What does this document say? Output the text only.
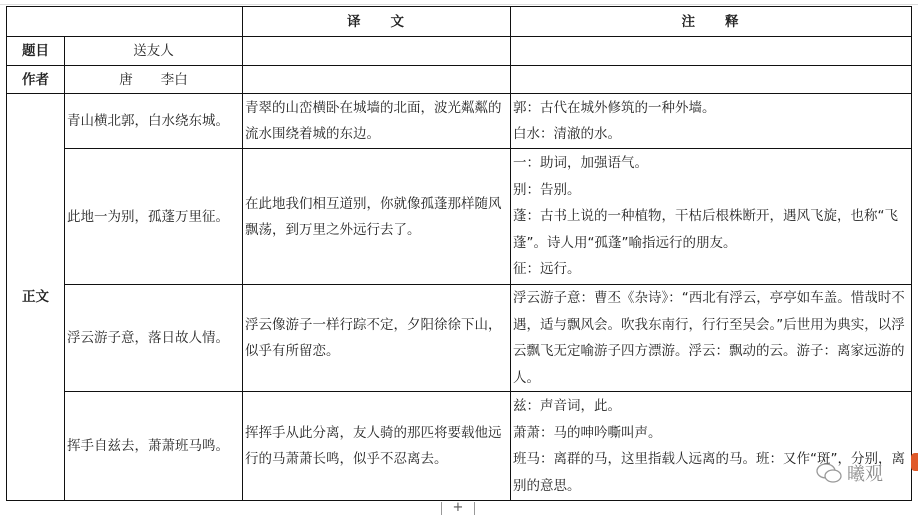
		译 文	注 释
题目	送友人		
作者	唐 李白		
正文	青山横北郭，白水绕东城。	青翠的山峦横卧在城墙的北面，波光粼粼的流水围绕着城的东边。	郭：古代在城外修筑的一种外墙。
白水：清澈的水。

	此地一为别，孤蓬万里征。	在此地我们相互道别，你就像孤蓬那样随风飘荡，到万里之外远行去了。	一：助词，加强语气。
别：告别。
蓬：古书上说的一种植物，干枯后根株断开，遇风飞旋，也称“飞蓬”。诗人用“孤蓬”喻指远行的朋友。
征：远行。

	浮云游子意，落日故人情。	浮云像游子一样行踪不定，夕阳徐徐下山，似乎有所留恋。	浮云游子意：曹丕《杂诗》：“西北有浮云，亭亭如车盖。惜哉时不遇，适与飘风会。吹我东南行，行行至吴会。”后世用为典实，以浮云飘飞无定喻游子四方漂游。浮云：飘动的云。游子：离家远游的人。

	挥手自兹去，萧萧班马鸣。	挥挥手从此分离，友人骑的那匹将要载他远行的马萧萧长鸣，似乎不忍离去。	兹：声音词，此。
萧萧：马的呻吟嘶叫声。
班马：离群的马，这里指载人远离的马。班：又作“斑”，分别，离别的意思。
曦观
+
